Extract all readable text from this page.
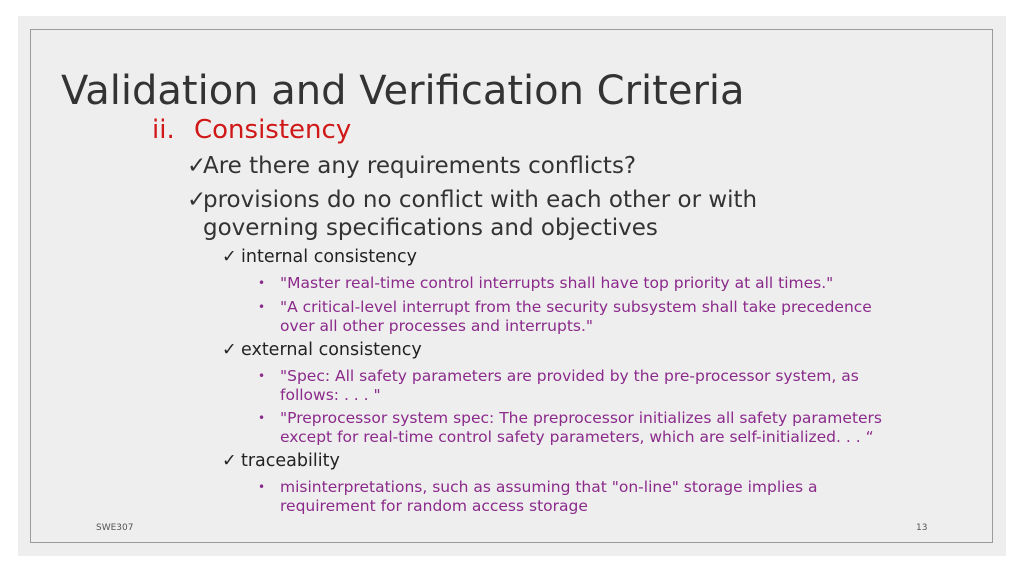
Validation and Verification Criteria
ii. Consistency
✓Are there any requirements conflicts?
✓provisions do no conflict with each other or with
governing specifications and objectives
✓ internal consistency
• "Master real-time control interrupts shall have top priority at all times."
• "A critical-level interrupt from the security subsystem shall take precedence
over all other processes and interrupts."
✓ external consistency
• "Spec: All safety parameters are provided by the pre-processor system, as
follows: . . . "
• "Preprocessor system spec: The preprocessor initializes all safety parameters
except for real-time control safety parameters, which are self-initialized. . . “
✓ traceability
• misinterpretations, such as assuming that "on-line" storage implies a
requirement for random access storage
SWE307	13
